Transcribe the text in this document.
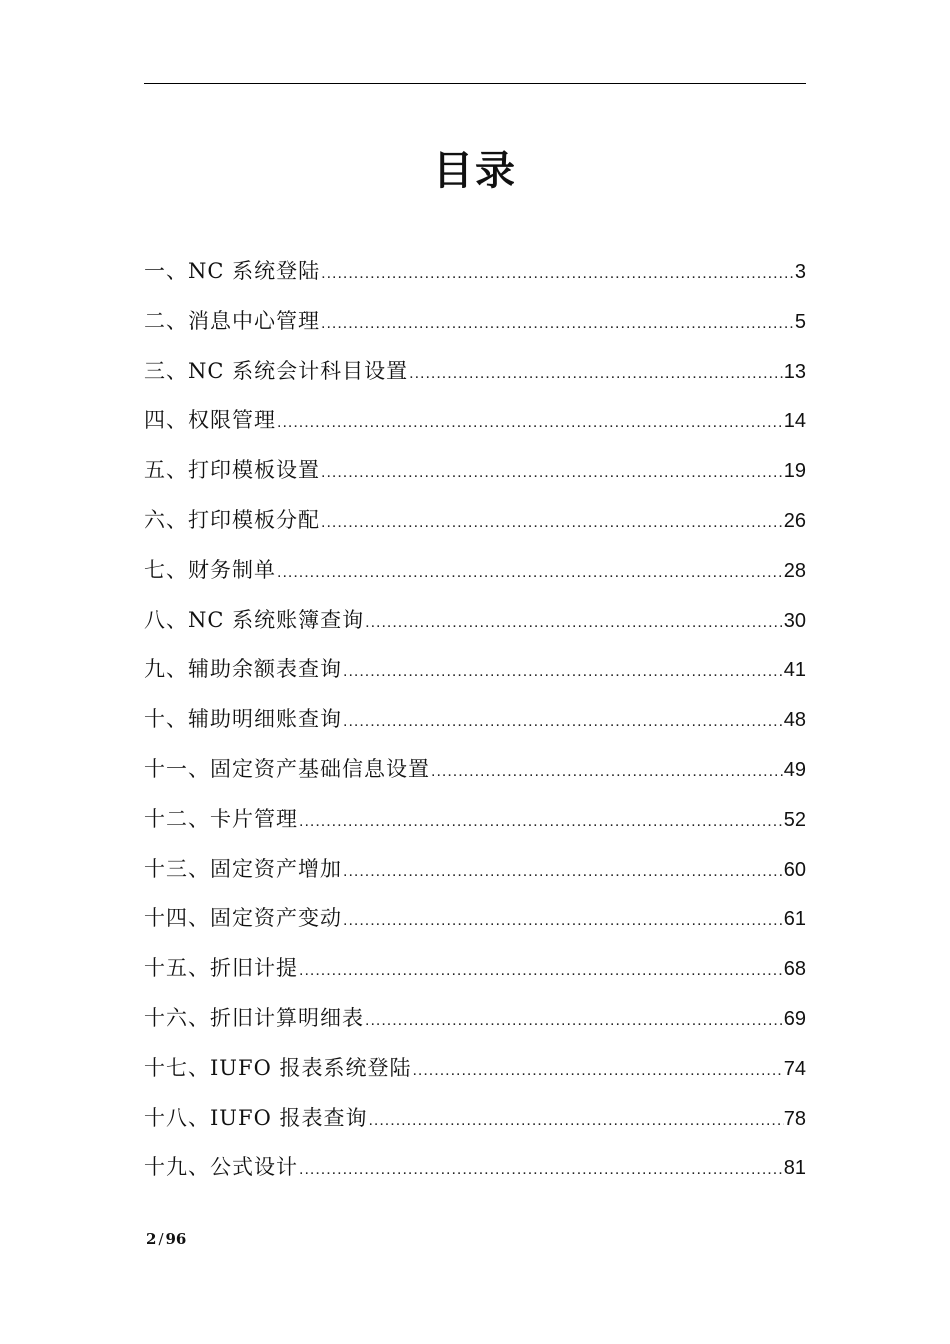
目录
一、NC 系统登陆 .....	3
二、消息中心管理 .....	5
三、NC 系统会计科目设置 .....	13
四、权限管理 .....	14
五、打印模板设置 .....	19
六、打印模板分配 .....	26
七、财务制单 .....	28
八、NC 系统账簿查询 .....	30
九、辅助余额表查询 .....	41
十、辅助明细账查询 .....	48
十一、固定资产基础信息设置 .....	49
十二、卡片管理 .....	52
十三、固定资产增加 .....	60
十四、固定资产变动 .....	61
十五、折旧计提 .....	68
十六、折旧计算明细表 .....	69
十七、IUFO 报表系统登陆 .....	74
十八、IUFO 报表查询 .....	78
十九、公式设计 .....	81
2 / 96
